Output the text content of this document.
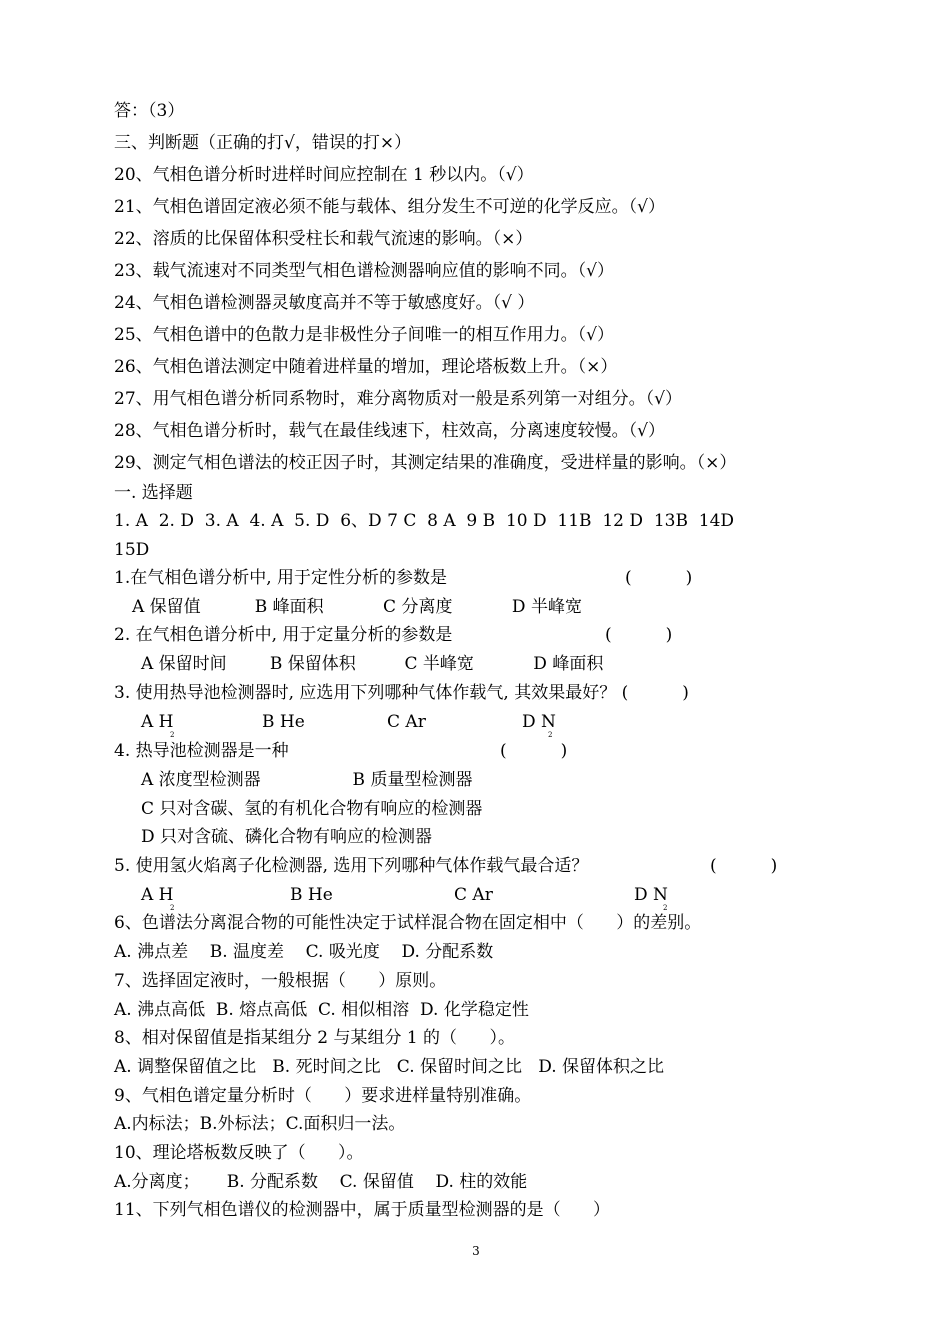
答：（3）
三、判断题（正确的打√，错误的打×）
20、气相色谱分析时进样时间应控制在 1 秒以内。（√）
21、气相色谱固定液必须不能与载体、组分发生不可逆的化学反应。（√）
22、溶质的比保留体积受柱长和载气流速的影响。（×）
23、载气流速对不同类型气相色谱检测器响应值的影响不同。（√）
24、气相色谱检测器灵敏度高并不等于敏感度好。（√ ）
25、气相色谱中的色散力是非极性分子间唯一的相互作用力。（√）
26、气相色谱法测定中随着进样量的增加，理论塔板数上升。（×）
27、用气相色谱分析同系物时，难分离物质对一般是系列第一对组分。（√）
28、气相色谱分析时，载气在最佳线速下，柱效高，分离速度较慢。（√）
29、测定气相色谱法的校正因子时，其测定结果的准确度，受进样量的影响。（×）
一. 选择题
1. A  2. D  3. A  4. A  5. D  6、D 7 C  8 A  9 B  10 D  11B  12 D  13B  14D
15D
1.在气相色谱分析中, 用于定性分析的参数是	(          )
A 保留值          B 峰面积           C 分离度           D 半峰宽
2. 在气相色谱分析中, 用于定量分析的参数是	(          )
A 保留时间        B 保留体积         C 半峰宽           D 峰面积
3. 使用热导池检测器时, 应选用下列哪种气体作载气, 其效果最好？ (          )
A H
2
B He	C Ar	D N
2
4. 热导池检测器是一种	(          )
A 浓度型检测器                 B 质量型检测器
C 只对含碳、氢的有机化合物有响应的检测器
D 只对含硫、磷化合物有响应的检测器
5. 使用氢火焰离子化检测器, 选用下列哪种气体作载气最合适？	(          )
A H
2
B He	C Ar	D N
2
6、色谱法分离混合物的可能性决定于试样混合物在固定相中（      ）的差别。
A. 沸点差    B. 温度差    C. 吸光度    D. 分配系数
7、选择固定液时，一般根据（      ）原则。
A. 沸点高低  B. 熔点高低  C. 相似相溶  D. 化学稳定性
8、相对保留值是指某组分 2 与某组分 1 的（      ）。
A. 调整保留值之比   B. 死时间之比   C. 保留时间之比   D. 保留体积之比
9、气相色谱定量分析时（      ）要求进样量特别准确。
A.内标法；B.外标法；C.面积归一法。
10、理论塔板数反映了（      ）。
A.分离度；     B. 分配系数    C. 保留值    D. 柱的效能
11、下列气相色谱仪的检测器中，属于质量型检测器的是（      ）
3
